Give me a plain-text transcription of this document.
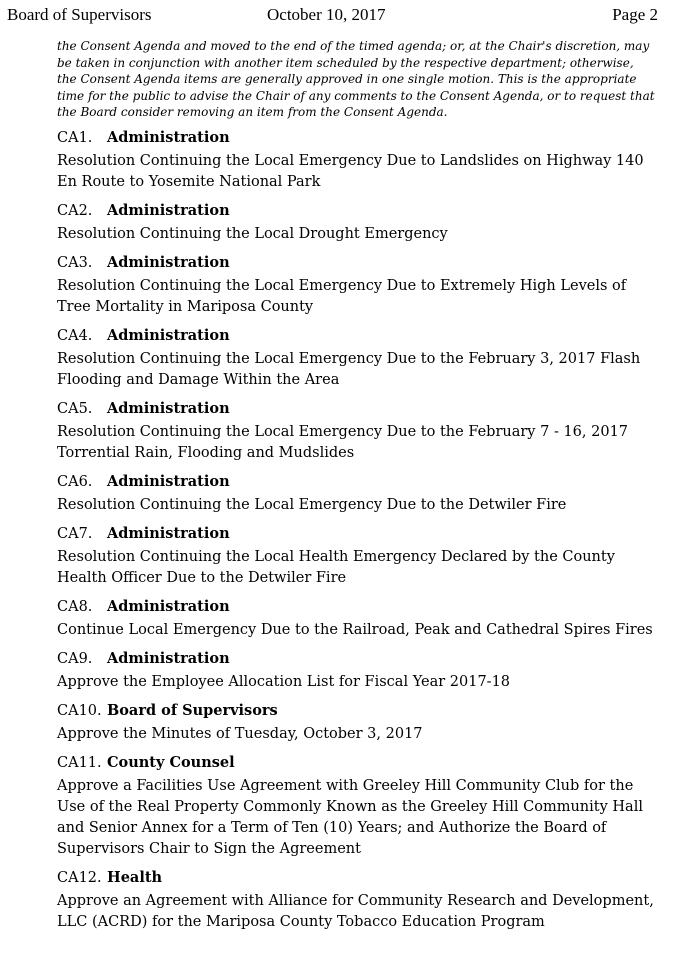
Board of Supervisors	October 10, 2017	Page 2

the Consent Agenda and moved to the end of the timed agenda; or, at the Chair's discretion, may be taken in conjunction with another item scheduled by the respective department; otherwise, the Consent Agenda items are generally approved in one single motion. This is the appropriate time for the public to advise the Chair of any comments to the Consent Agenda, or to request that the Board consider removing an item from the Consent Agenda.

CA1. Administration

Resolution Continuing the Local Emergency Due to Landslides on Highway 140 En Route to Yosemite National Park

CA2. Administration

Resolution Continuing the Local Drought Emergency

CA3. Administration

Resolution Continuing the Local Emergency Due to Extremely High Levels of Tree Mortality in Mariposa County

CA4. Administration

Resolution Continuing the Local Emergency Due to the February 3, 2017 Flash Flooding and Damage Within the Area

CA5. Administration

Resolution Continuing the Local Emergency Due to the February 7 - 16, 2017 Torrential Rain, Flooding and Mudslides

CA6. Administration

Resolution Continuing the Local Emergency Due to the Detwiler Fire

CA7. Administration

Resolution Continuing the Local Health Emergency Declared by the County Health Officer Due to the Detwiler Fire

CA8. Administration

Continue Local Emergency Due to the Railroad, Peak and Cathedral Spires Fires

CA9. Administration

Approve the Employee Allocation List for Fiscal Year 2017-18

CA10. Board of Supervisors

Approve the Minutes of Tuesday, October 3, 2017

CA11. County Counsel

Approve a Facilities Use Agreement with Greeley Hill Community Club for the Use of the Real Property Commonly Known as the Greeley Hill Community Hall and Senior Annex for a Term of Ten (10) Years; and Authorize the Board of Supervisors Chair to Sign the Agreement

CA12. Health

Approve an Agreement with Alliance for Community Research and Development, LLC (ACRD) for the Mariposa County Tobacco Education Program
